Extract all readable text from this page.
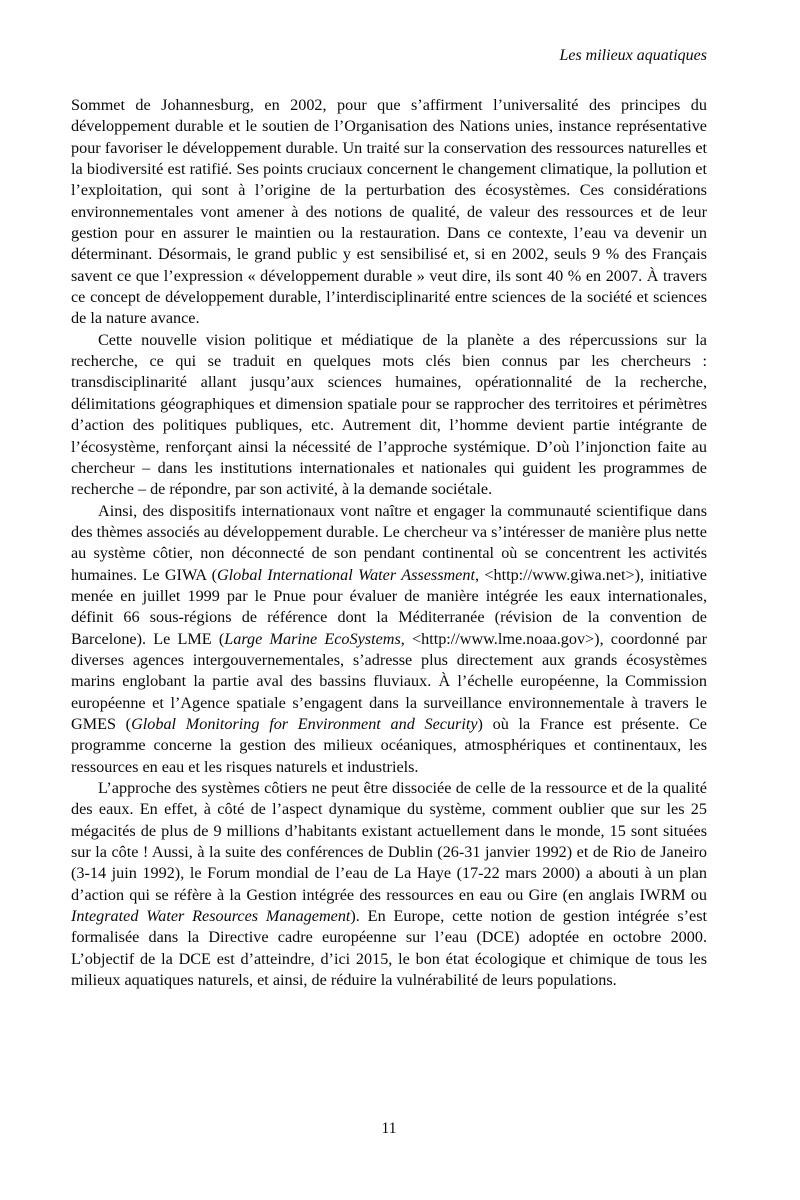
Les milieux aquatiques

Sommet de Johannesburg, en 2002, pour que s’affirment l’universalité des principes du développement durable et le soutien de l’Organisation des Nations unies, instance représentative pour favoriser le développement durable. Un traité sur la conservation des ressources naturelles et la biodiversité est ratifié. Ses points cruciaux concernent le changement climatique, la pollution et l’exploitation, qui sont à l’origine de la perturbation des écosystèmes. Ces considérations environnementales vont amener à des notions de qualité, de valeur des ressources et de leur gestion pour en assurer le maintien ou la restauration. Dans ce contexte, l’eau va devenir un déterminant. Désormais, le grand public y est sensibilisé et, si en 2002, seuls 9 % des Français savent ce que l’expression « développement durable » veut dire, ils sont 40 % en 2007. À travers ce concept de développement durable, l’interdisciplinarité entre sciences de la société et sciences de la nature avance.

Cette nouvelle vision politique et médiatique de la planète a des répercussions sur la recherche, ce qui se traduit en quelques mots clés bien connus par les chercheurs : transdisciplinarité allant jusqu’aux sciences humaines, opérationnalité de la recherche, délimitations géographiques et dimension spatiale pour se rapprocher des territoires et périmètres d’action des politiques publiques, etc. Autrement dit, l’homme devient partie intégrante de l’écosystème, renforçant ainsi la nécessité de l’approche systémique. D’où l’injonction faite au chercheur – dans les institutions internationales et nationales qui guident les programmes de recherche – de répondre, par son activité, à la demande sociétale.

Ainsi, des dispositifs internationaux vont naître et engager la communauté scientifique dans des thèmes associés au développement durable. Le chercheur va s’intéresser de manière plus nette au système côtier, non déconnecté de son pendant continental où se concentrent les activités humaines. Le GIWA (Global International Water Assessment, <http://www.giwa.net>), initiative menée en juillet 1999 par le Pnue pour évaluer de manière intégrée les eaux internationales, définit 66 sous-régions de référence dont la Méditerranée (révision de la convention de Barcelone). Le LME (Large Marine EcoSystems, <http://www.lme.noaa.gov>), coordonné par diverses agences intergouvernementales, s’adresse plus directement aux grands écosystèmes marins englobant la partie aval des bassins fluviaux. À l’échelle européenne, la Commission européenne et l’Agence spatiale s’engagent dans la surveillance environnementale à travers le GMES (Global Monitoring for Environment and Security) où la France est présente. Ce programme concerne la gestion des milieux océaniques, atmosphériques et continentaux, les ressources en eau et les risques naturels et industriels.

L’approche des systèmes côtiers ne peut être dissociée de celle de la ressource et de la qualité des eaux. En effet, à côté de l’aspect dynamique du système, comment oublier que sur les 25 mégacités de plus de 9 millions d’habitants existant actuellement dans le monde, 15 sont situées sur la côte ! Aussi, à la suite des conférences de Dublin (26-31 janvier 1992) et de Rio de Janeiro (3-14 juin 1992), le Forum mondial de l’eau de La Haye (17-22 mars 2000) a abouti à un plan d’action qui se réfère à la Gestion intégrée des ressources en eau ou Gire (en anglais IWRM ou Integrated Water Resources Management). En Europe, cette notion de gestion intégrée s’est formalisée dans la Directive cadre européenne sur l’eau (DCE) adoptée en octobre 2000. L’objectif de la DCE est d’atteindre, d’ici 2015, le bon état écologique et chimique de tous les milieux aquatiques naturels, et ainsi, de réduire la vulnérabilité de leurs populations.

11
